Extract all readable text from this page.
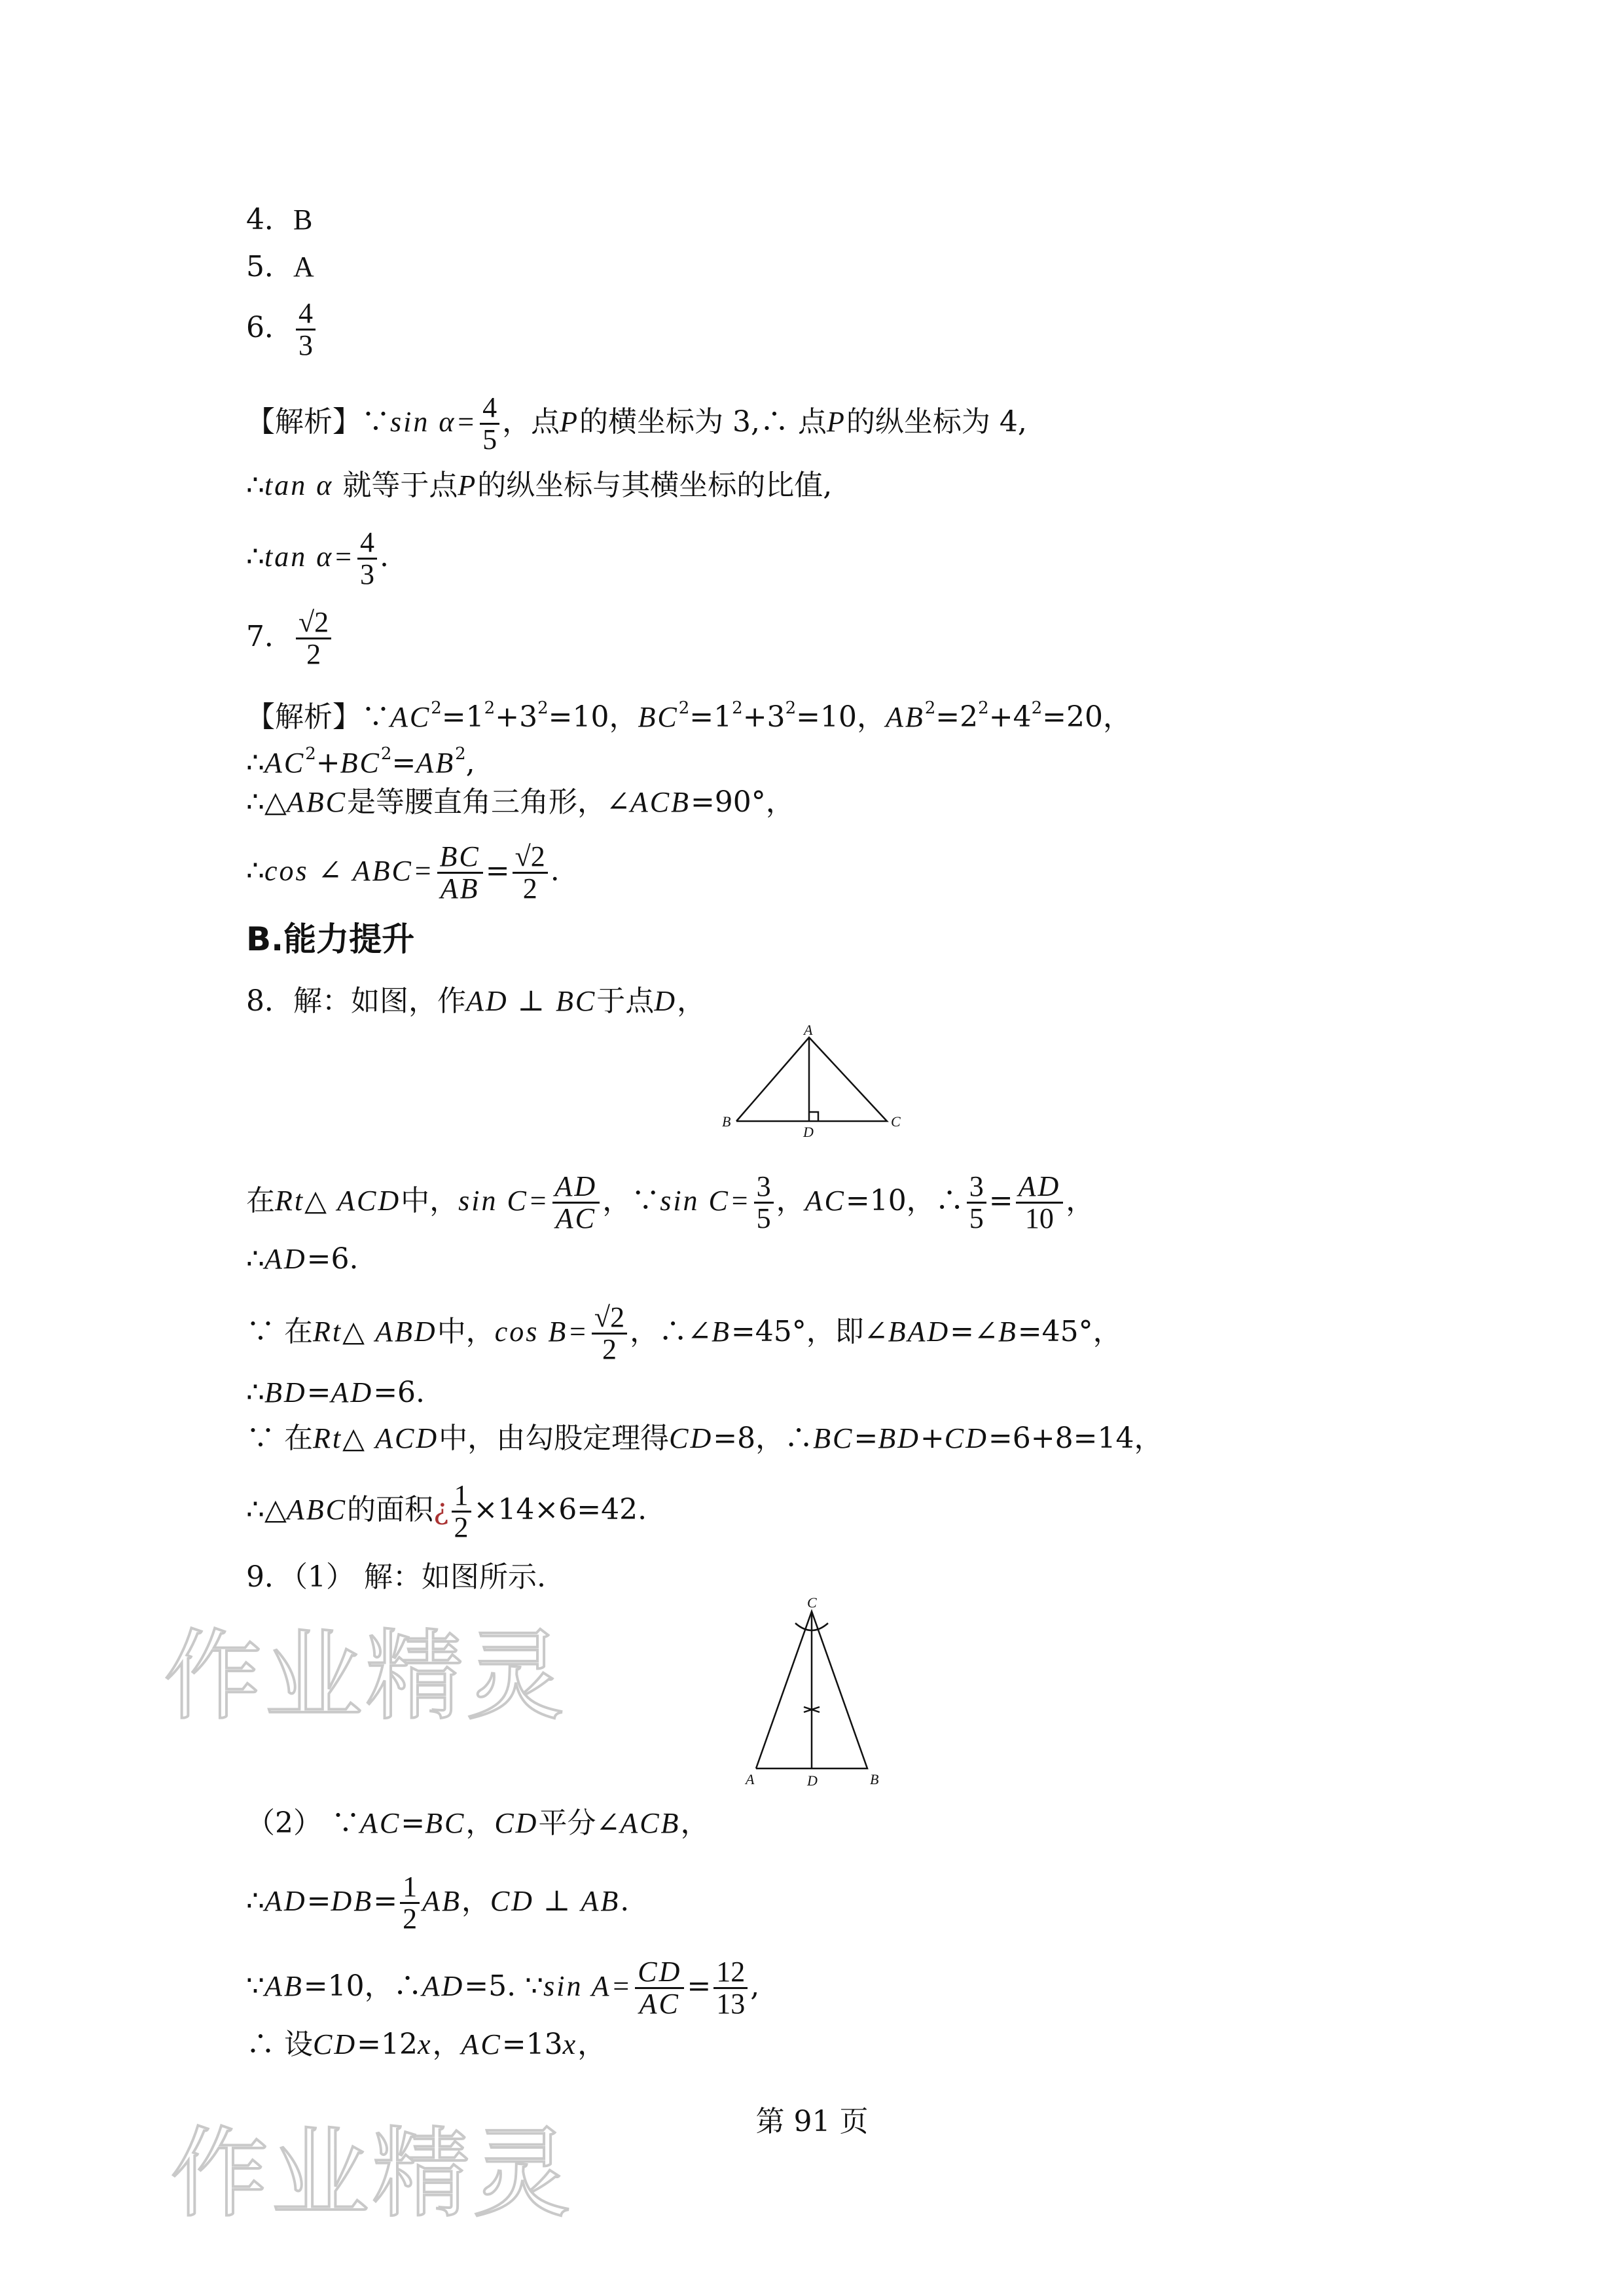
4．B
5．A
6． $\frac{4}{3}$
【解析】∵sin $\alpha= \frac{4}{5}$ ，点P的横坐标为 3,∴ 点P的纵坐标为 4,
∴tan α 就等于点P的纵坐标与其横坐标的比值,
∴tan $\alpha= \frac{4}{3}$ .
7． $\frac{√2}{2}$
【解析】$\because AC^2=1^2+3^2=10$，$BC^2=1^2+3^2=10$，$AB^2=2^2+4^2=20$，
$\therefore AC^2+BC^2=AB^2$,
∴△ABC是等腰直角三角形，∠ACB=90°，
∴cos ∠ $ABC= \frac{BC}{AB} = \frac{√2}{2}$ .
B.能力提升
8．解：如图，作AD ⊥ BC于点D，
A
B	C
D
在Rt△ ACD中，$\sin C= \frac{AD}{AC}$ ，∵sin $C= \frac{3}{5}$ ，AC=10，∴ $\frac{3}{5} = \frac{AD}{10}$ ，
∴AD=6.
∵ 在Rt△ ABD中，$\cos B= \frac{√2}{2}$ ，∴∠B=45°，即∠BAD=∠B=45°，
∴BD=AD=6.
∵ 在Rt△ ACD中，由勾股定理得CD=8，∴BC=BD+CD=6+8=14，
∴△ABC的面积¿ $\frac{1}{2} \times 14\times 6=42$.
9．（1） 解：如图所示.
C
A	B
D
（2） ∵AC=BC，CD平分∠ACB，
∴AD=DB= $\frac{1}{2}$ AB，CD ⊥ AB.
∵AB=10，∴AD=5. ∵sin $A= \frac{CD}{AC} = \frac{12}{13}$ ,
∴ 设CD=12x，AC=13x，
作业精灵
作业精灵	第 91 页
